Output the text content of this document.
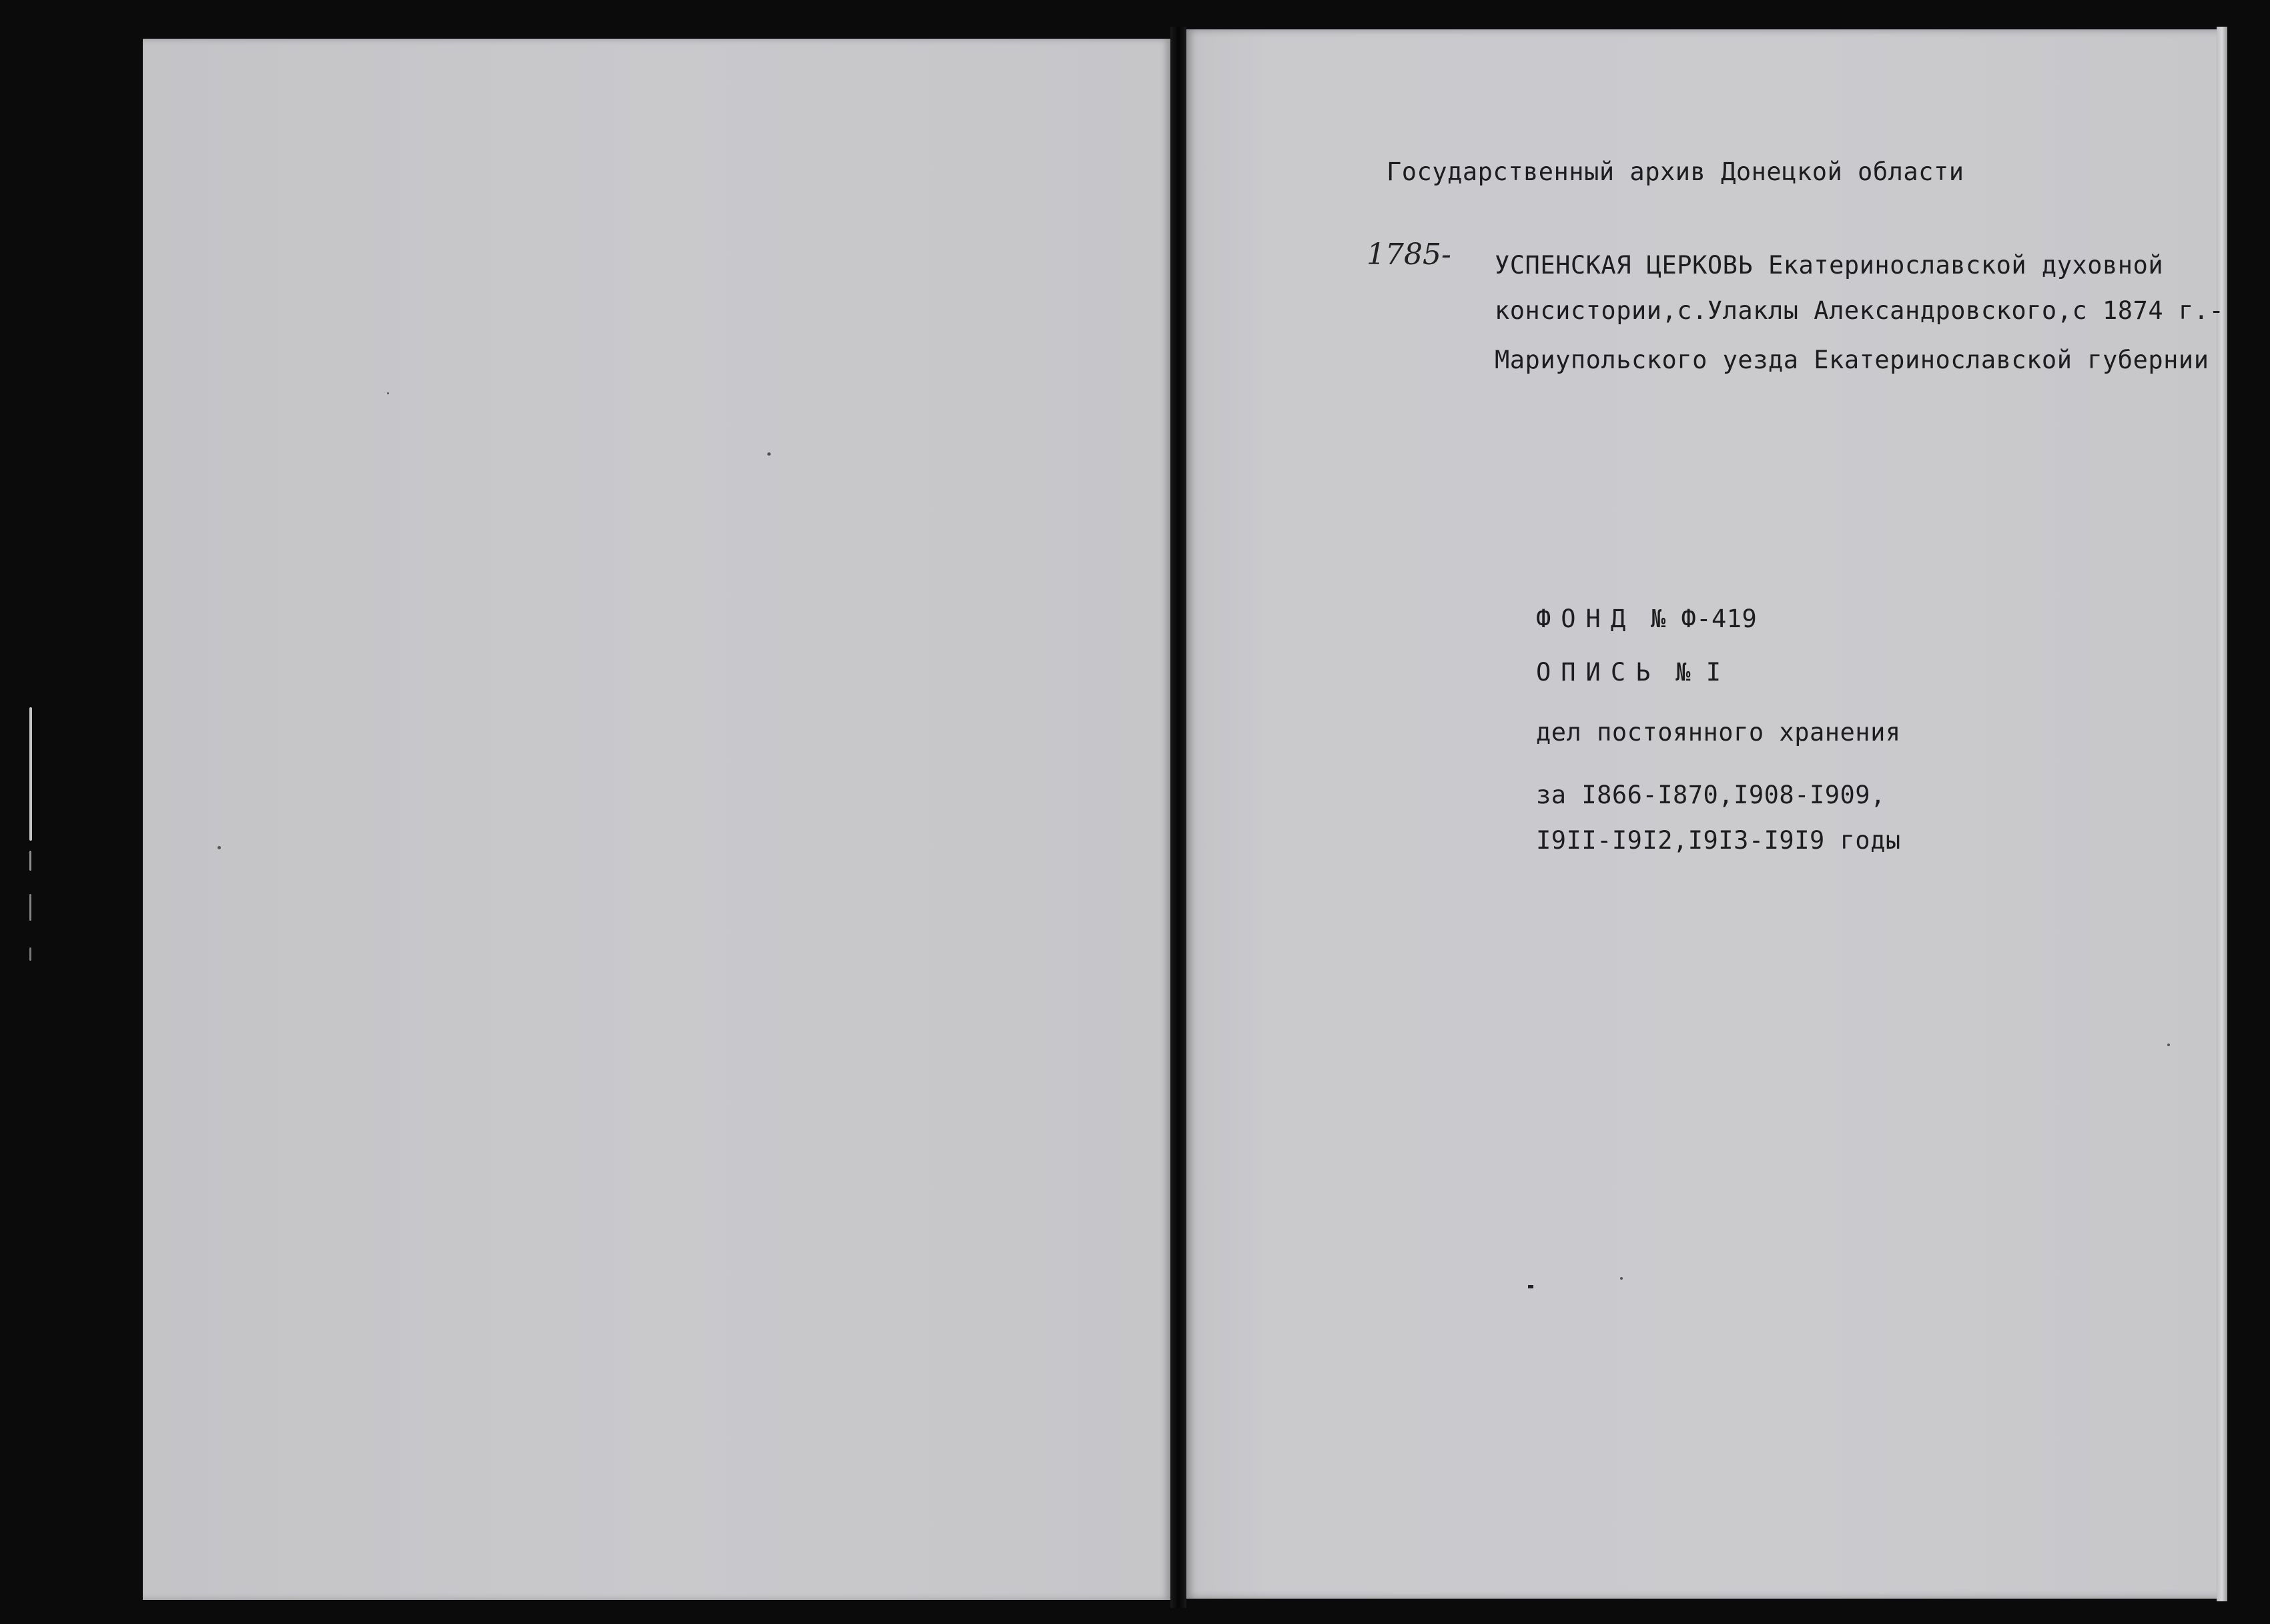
Государственный архив Донецкой области
1785- УСПЕНСКАЯ ЦЕРКОВЬ Екатеринославской духовной
консистории,с.Улаклы Александровского,с 1874 г.-
Мариупольского уезда Екатеринославской губернии
ФОНД № Ф-419
ОПИСЬ № I
дел постоянного хранения
за I866-I870,I908-I909,
I9II-I9I2,I9I3-I9I9 годы
